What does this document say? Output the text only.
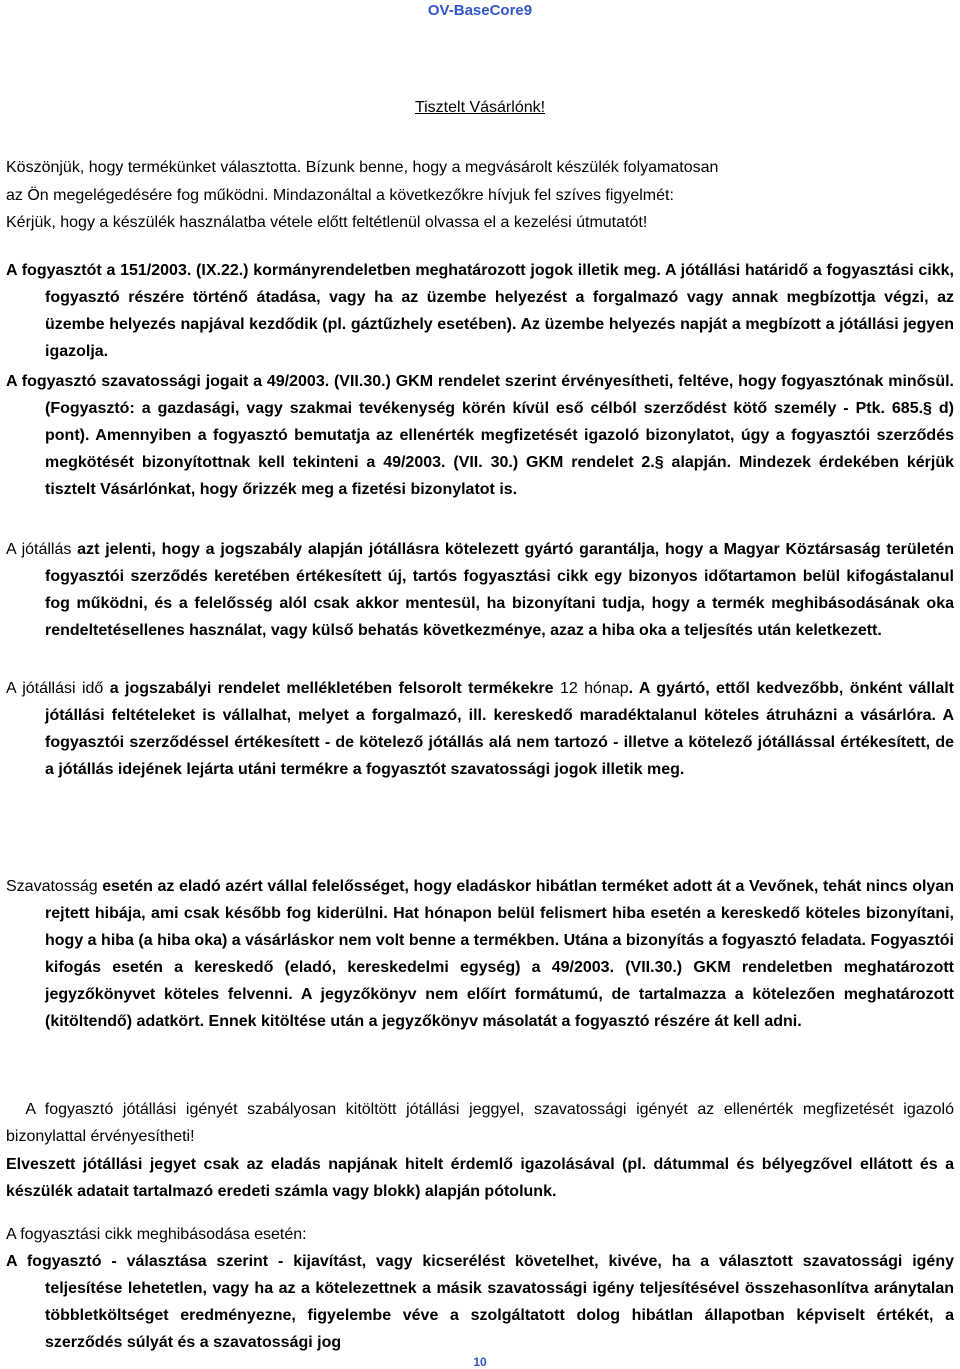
OV-BaseCore9
Tisztelt Vásárlónk!

Köszönjük, hogy termékünket választotta. Bízunk benne, hogy a megvásárolt készülék folyamatosan
az Ön megelégedésére fog működni. Mindazonáltal a következőkre hívjuk fel szíves figyelmét:
Kérjük, hogy a készülék használatba vétele előtt feltétlenül olvassa el a kezelési útmutatót!

A fogyasztót a 151/2003. (IX.22.) kormányrendeletben meghatározott jogok illetik meg. A jótállási határidő a fogyasztási cikk, fogyasztó részére történő átadása, vagy ha az üzembe helyezést a forgalmazó vagy annak megbízottja végzi, az üzembe helyezés napjával kezdődik (pl. gáztűzhely esetében). Az üzembe helyezés napját a megbízott a jótállási jegyen igazolja.

A fogyasztó szavatossági jogait a 49/2003. (VII.30.) GKM rendelet szerint érvényesítheti, feltéve, hogy fogyasztónak minősül. (Fogyasztó: a gazdasági, vagy szakmai tevékenység körén kívül eső célból szerződést kötő személy - Ptk. 685.§ d) pont). Amennyiben a fogyasztó bemutatja az ellenérték megfizetését igazoló bizonylatot, úgy a fogyasztói szerződés megkötését bizonyítottnak kell tekinteni a 49/2003. (VII. 30.) GKM rendelet 2.§ alapján. Mindezek érdekében kérjük tisztelt Vásárlónkat, hogy őrizzék meg a fizetési bizonylatot is.

A jótállás azt jelenti, hogy a jogszabály alapján jótállásra kötelezett gyártó garantálja, hogy a Magyar Köztársaság területén fogyasztói szerződés keretében értékesített új, tartós fogyasztási cikk egy bizonyos időtartamon belül kifogástalanul fog működni, és a felelősség alól csak akkor mentesül, ha bizonyítani tudja, hogy a termék meghibásodásának oka rendeltetésellenes használat, vagy külső behatás következménye, azaz a hiba oka a teljesítés után keletkezett.

A jótállási idő a jogszabályi rendelet mellékletében felsorolt termékekre 12 hónap. A gyártó, ettől kedvezőbb, önként vállalt jótállási feltételeket is vállalhat, melyet a forgalmazó, ill. kereskedő maradéktalanul köteles átruházni a vásárlóra. A fogyasztói szerződéssel értékesített - de kötelező jótállás alá nem tartozó - illetve a kötelező jótállással értékesített, de a jótállás idejének lejárta utáni termékre a fogyasztót szavatossági jogok illetik meg.

Szavatosság esetén az eladó azért vállal felelősséget, hogy eladáskor hibátlan terméket adott át a Vevőnek, tehát nincs olyan rejtett hibája, ami csak később fog kiderülni. Hat hónapon belül felismert hiba esetén a kereskedő köteles bizonyítani, hogy a hiba (a hiba oka) a vásárláskor nem volt benne a termékben. Utána a bizonyítás a fogyasztó feladata. Fogyasztói kifogás esetén a kereskedő (eladó, kereskedelmi egység) a 49/2003. (VII.30.) GKM rendeletben meghatározott jegyzőkönyvet köteles felvenni. A jegyzőkönyv nem előírt formátumú, de tartalmazza a kötelezően meghatározott (kitöltendő) adatkört. Ennek kitöltése után a jegyzőkönyv másolatát a fogyasztó részére át kell adni.

A fogyasztó jótállási igényét szabályosan kitöltött jótállási jeggyel, szavatossági igényét az ellenérték megfizetését igazoló bizonylattal érvényesítheti!

Elveszett jótállási jegyet csak az eladás napjának hitelt érdemlő igazolásával (pl. dátummal és bélyegzővel ellátott és a készülék adatait tartalmazó eredeti számla vagy blokk) alapján pótolunk.

A fogyasztási cikk meghibásodása esetén:

A fogyasztó - választása szerint - kijavítást, vagy kicserélést követelhet, kivéve, ha a választott szavatossági igény teljesítése lehetetlen, vagy ha az a kötelezettnek a másik szavatossági igény teljesítésével összehasonlítva aránytalan többletköltséget eredményezne, figyelembe véve a szolgáltatott dolog hibátlan állapotban képviselt értékét, a szerződés súlyát és a szavatossági jog

10
